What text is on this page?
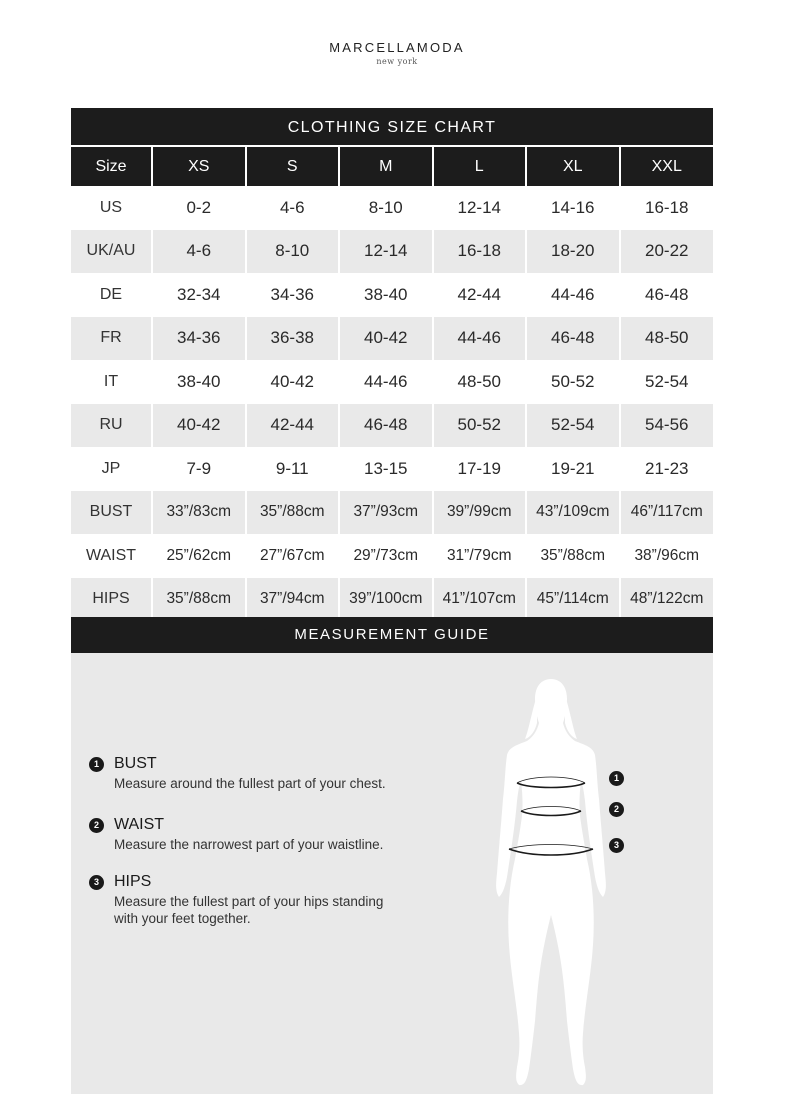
MARCELLAMODA
new york
CLOTHING SIZE CHART
Size	XS	S	M	L	XL	XXL
US	0-2	4-6	8-10	12-14	14-16	16-18
UK/AU	4-6	8-10	12-14	16-18	18-20	20-22
DE	32-34	34-36	38-40	42-44	44-46	46-48
FR	34-36	36-38	40-42	44-46	46-48	48-50
IT	38-40	40-42	44-46	48-50	50-52	52-54
RU	40-42	42-44	46-48	50-52	52-54	54-56
JP	7-9	9-11	13-15	17-19	19-21	21-23
BUST	33”/83cm	35”/88cm	37”/93cm	39”/99cm	43”/109cm	46”/117cm
WAIST	25”/62cm	27”/67cm	29”/73cm	31”/79cm	35”/88cm	38”/96cm
HIPS	35”/88cm	37”/94cm	39”/100cm	41”/107cm	45”/114cm	48”/122cm
MEASUREMENT GUIDE
1 BUST
Measure around the fullest part of your chest.
2 WAIST
Measure the narrowest part of your waistline.
3 HIPS
Measure the fullest part of your hips standing
with your feet together.
1
2
3
